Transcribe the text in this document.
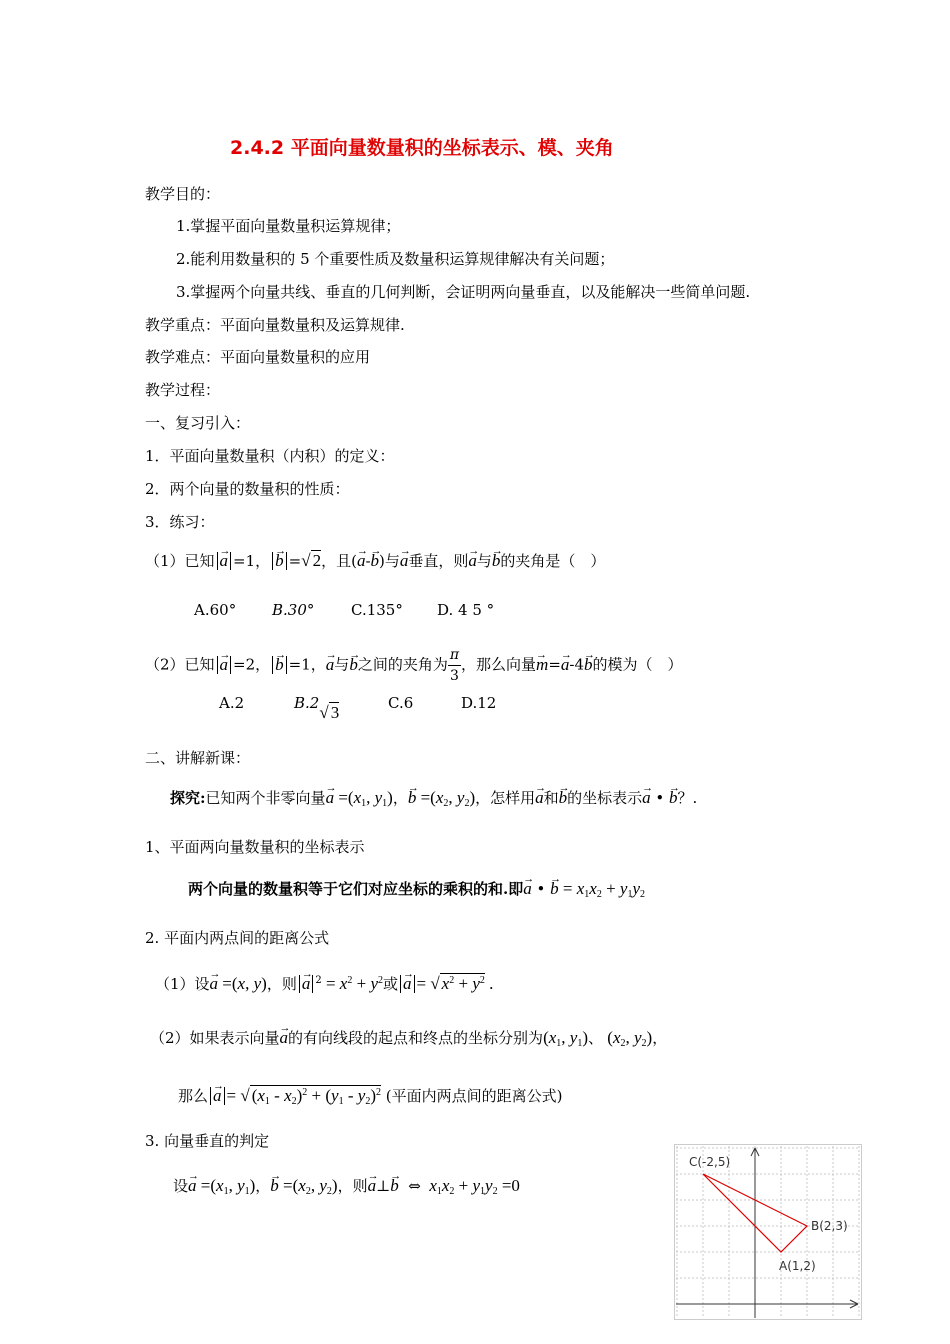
2.4.2 平面向量数量积的坐标表示、模、夹角
教学目的：
1.掌握平面向量数量积运算规律；
2.能利用数量积的 5 个重要性质及数量积运算规律解决有关问题；
3.掌握两个向量共线、垂直的几何判断，会证明两向量垂直，以及能解决一些简单问题.
教学重点：平面向量数量积及运算规律.
教学难点：平面向量数量积的应用
教学过程：
一、复习引入：
1．平面向量数量积（内积）的定义：
2．两个向量的数量积的性质：
3．练习：
（1）已知 → a =1， → b =√ 2，且(→ a-→ b)与→ a垂直，则→ a与→ b的夹角是（　）
A.60° B.30° C.135° D. 4 5 °
（2）已知 → a =2， → b =1，→ a与→ b之间的夹角为 $\frac{\pi}{3}$ ，那么向量→ m=→ a-4→ b的模为（　）
A.2	B.2√ 3	C.6	D.12
二、讲解新课：
探究:已知两个非零向量→ $a =(x_1$, $y_1$)，→ $b =(x_2$, $y_2$)，怎样用→ a和→ b的坐标表示→ a • → b？.
1、平面两向量数量积的坐标表示
两个向量的数量积等于它们对应坐标的乘积的和.即→ a • → $b = x_1x_2 + y_1y_2$
2. 平面内两点间的距离公式
（1）设→ a =(x, y)，则 → a $^2 = x^2 + y^2$或 → a = √ $x^2 + y^2$ .
（2）如果表示向量→ a的有向线段的起点和终点的坐标分别为($x_1$, $y_1$)、 ($x_2$, $y_2$)，
那么 → a = √ $(x_1 - x_2)^2 + (y_1 - y_2)^2$ (平面内两点间的距离公式)
3. 向量垂直的判定
设→ $a =(x_1$, $y_1$)，→ $b =(x_2$, $y_2$)，则→ a⊥→ b ⇔ $x_1x_2 + y_1y_2 =0$
C(-2,5)
B(2,3)
A(1,2)
